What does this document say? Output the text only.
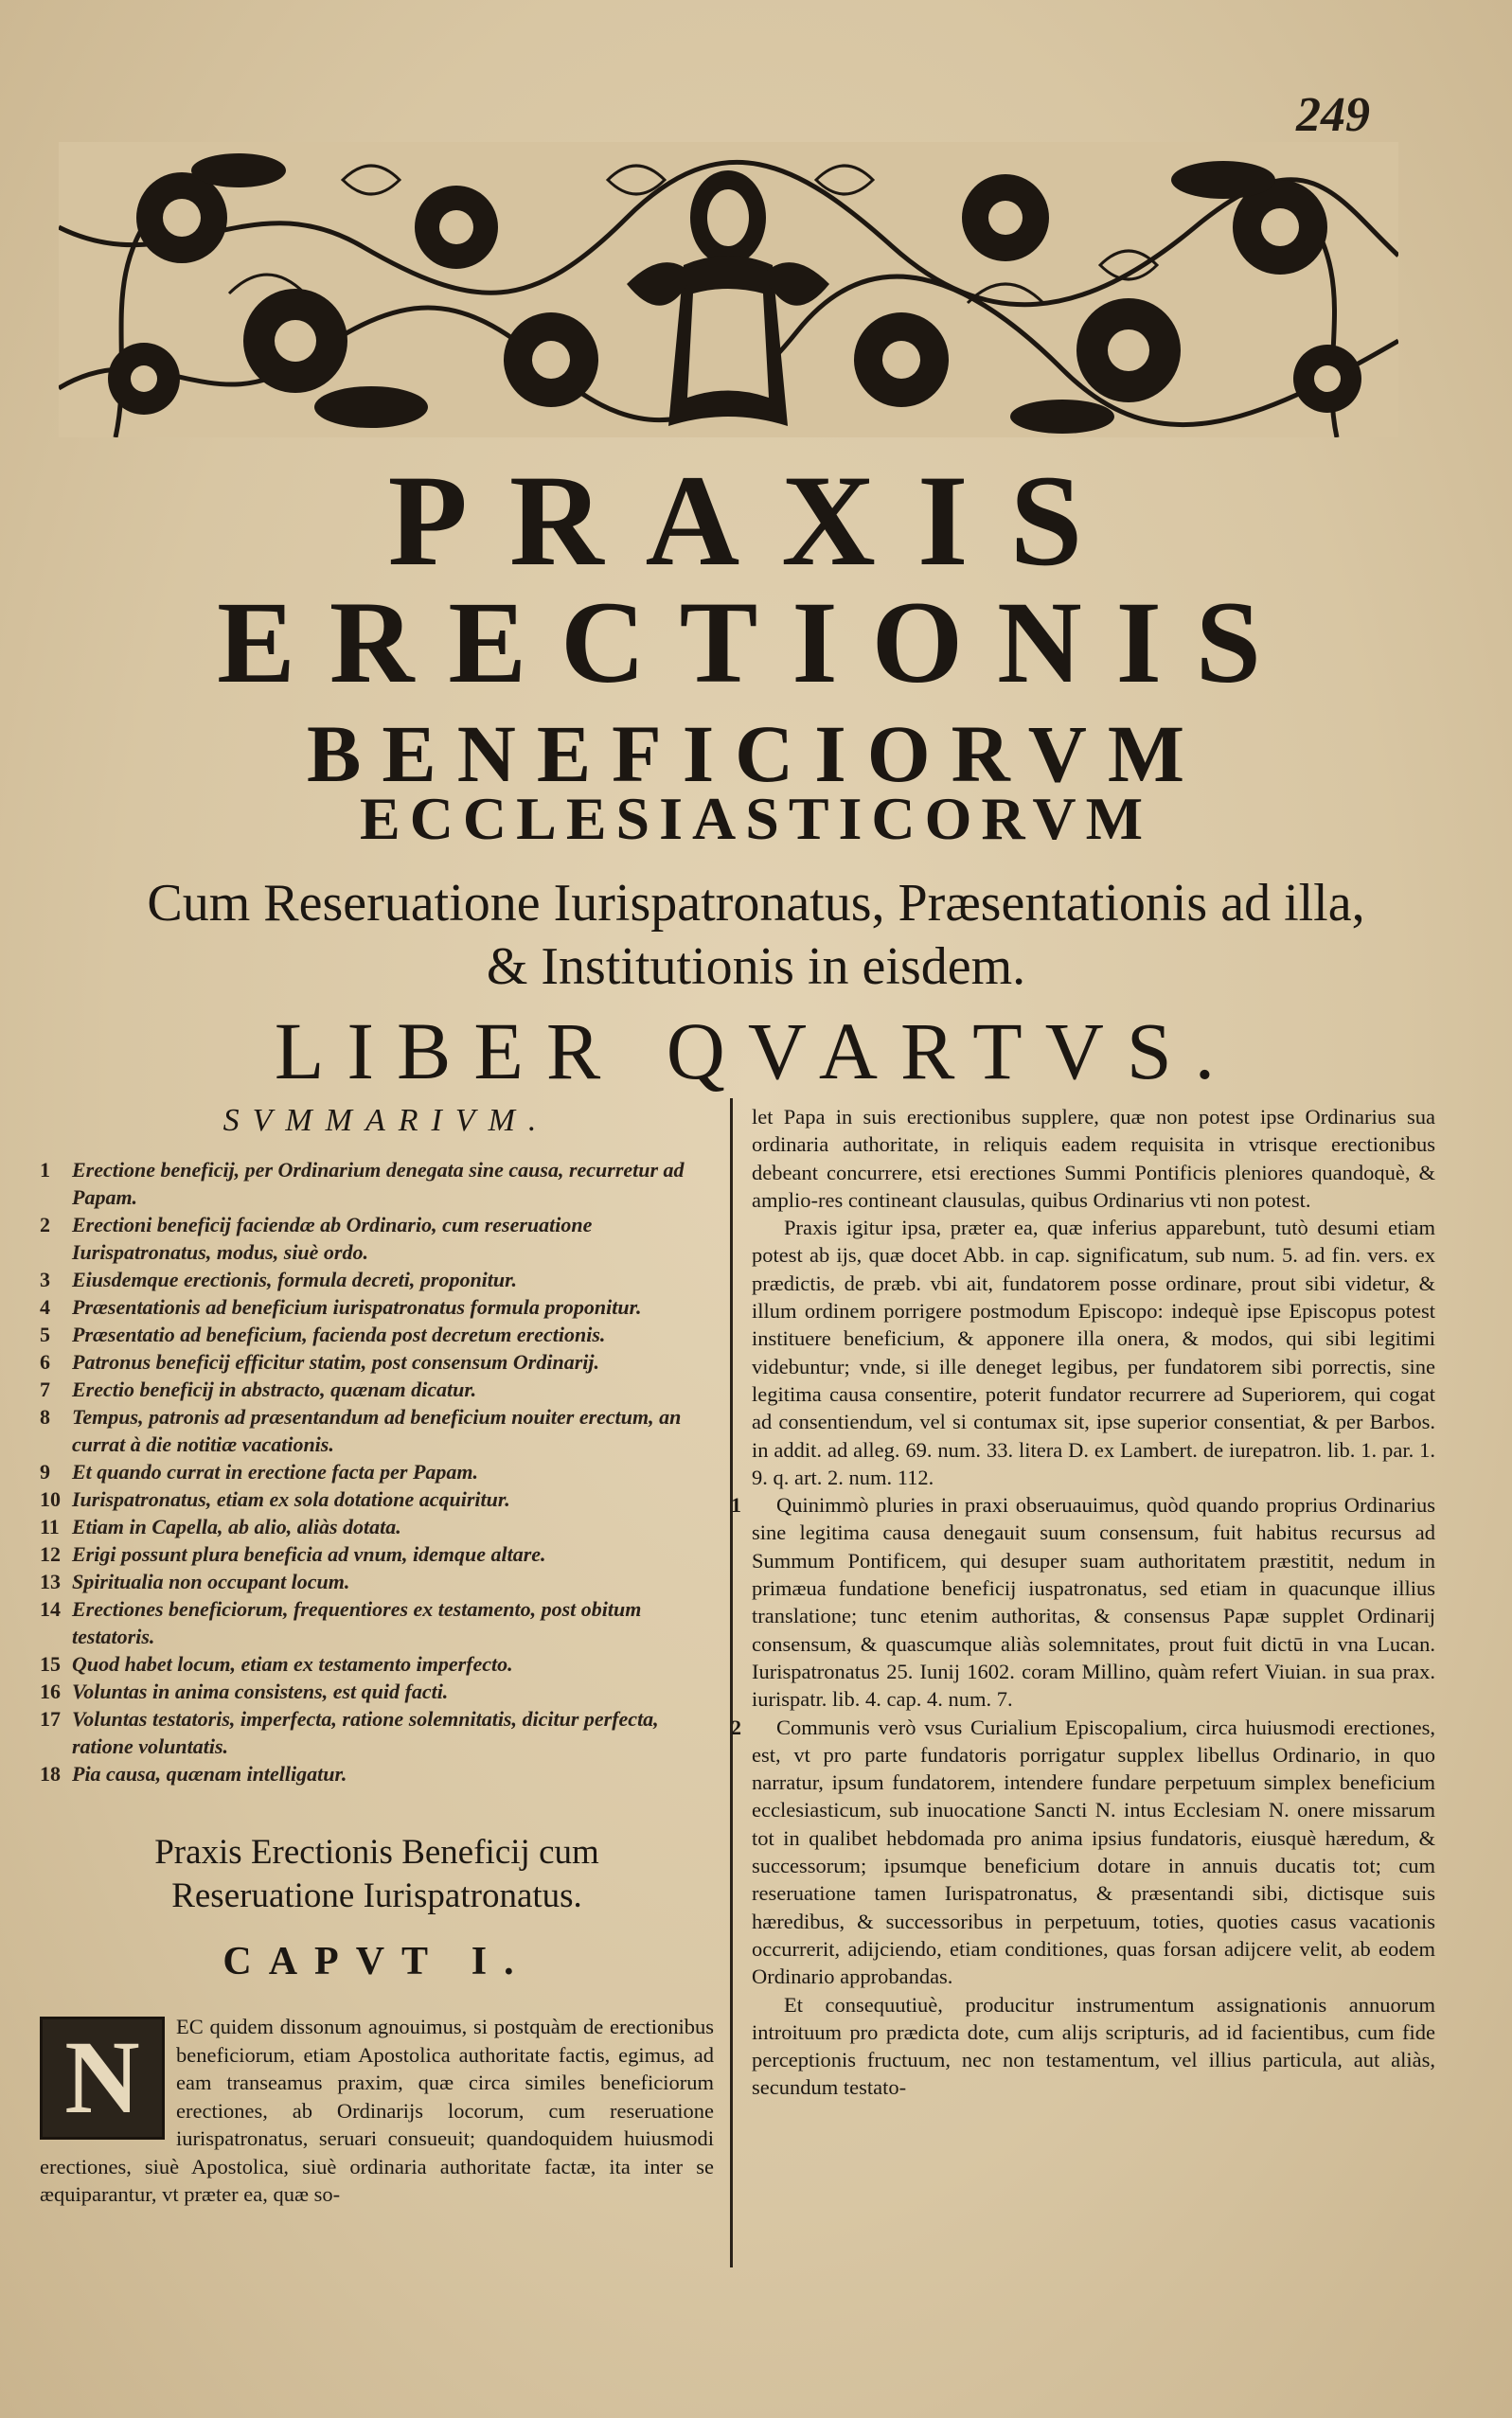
249
PRAXIS
ERECTIONIS
BENEFICIORVM
ECCLESIASTICORVM
Cum Reseruatione Iurispatronatus, Præsentationis ad illa,
& Institutionis in eisdem.
LIBER QVARTVS.
SVMMARIVM.
1	Erectione beneficij, per Ordinarium denegata sine causa, recurretur ad Papam.
2	Erectioni beneficij faciendæ ab Ordinario, cum reseruatione Iurispatronatus, modus, siuè ordo.
3	Eiusdemque erectionis, formula decreti, proponitur.
4	Præsentationis ad beneficium iurispatronatus formula proponitur.
5	Præsentatio ad beneficium, facienda post decretum erectionis.
6	Patronus beneficij efficitur statim, post consensum Ordinarij.
7	Erectio beneficij in abstracto, quænam dicatur.
8	Tempus, patronis ad præsentandum ad beneficium nouiter erectum, an currat à die notitiæ vacationis.
9	Et quando currat in erectione facta per Papam.
10 Iurispatronatus, etiam ex sola dotatione acquiritur.
11 Etiam in Capella, ab alio, aliàs dotata.
12 Erigi possunt plura beneficia ad vnum, idemque altare.
13 Spiritualia non occupant locum.
14 Erectiones beneficiorum, frequentiores ex testamento, post obitum testatoris.
15 Quod habet locum, etiam ex testamento imperfecto.
16 Voluntas in anima consistens, est quid facti.
17 Voluntas testatoris, imperfecta, ratione solemnitatis, dicitur perfecta, ratione voluntatis.
18 Pia causa, quænam intelligatur.
Praxis Erectionis Beneficij cum Reseruatione Iurispatronatus.
CAPVT I.
N	EC quidem dissonum agnouimus, si postquàm de erectionibus beneficiorum, etiam Apostolica authoritate factis, egimus, ad eam transeamus praxim, quæ circa similes beneficiorum erectiones, ab Ordinarijs locorum, cum reseruatione iurispatronatus, seruari consueuit; quandoquidem huiusmodi erectiones, siuè Apostolica, siuè ordinaria authoritate factæ, ita inter se æquiparantur, vt præter ea, quæ so-

let Papa in suis erectionibus supplere, quæ non potest ipse Ordinarius sua ordinaria authoritate, in reliquis eadem requisita in vtrisque erectionibus debeant concurrere, etsi erectiones Summi Pontificis pleniores quandoquè, & amplio-res contineant clausulas, quibus Ordinarius vti non potest.

Praxis igitur ipsa, præter ea, quæ inferius apparebunt, tutò desumi etiam potest ab ijs, quæ docet Abb. in cap. significatum, sub num. 5. ad fin. vers. ex prædictis, de præb. vbi ait, fundatorem posse ordinare, prout sibi videtur, & illum ordinem porrigere postmodum Episcopo: indequè ipse Episcopus potest instituere beneficium, & apponere illa onera, & modos, qui sibi legitimi videbuntur; vnde, si ille deneget legibus, per fundatorem sibi porrectis, sine legitima causa consentire, poterit fundator recurrere ad Superiorem, qui cogat ad consentiendum, vel si contumax sit, ipse superior consentiat, & per Barbos. in addit. ad alleg. 69. num. 33. litera D. ex Lambert. de iurepatron. lib. 1. par. 1. 9. q. art. 2. num. 112.

1 Quinimmò pluries in praxi obseruauimus, quòd quando proprius Ordinarius sine legitima causa denegauit suum consensum, fuit habitus recursus ad Summum Pontificem, qui desuper suam authoritatem præstitit, nedum in primæua fundatione beneficij iuspatronatus, sed etiam in quacunque illius translatione; tunc etenim authoritas, & consensus Papæ supplet Ordinarij consensum, & quascumque aliàs solemnitates, prout fuit dictū in vna Lucan. Iurispatronatus 25. Iunij 1602. coram Millino, quàm refert Viuian. in sua prax. iurispatr. lib. 4. cap. 4. num. 7.

2 Communis verò vsus Curialium Episcopalium, circa huiusmodi erectiones, est, vt pro parte fundatoris porrigatur supplex libellus Ordinario, in quo narratur, ipsum fundatorem, intendere fundare perpetuum simplex beneficium ecclesiasticum, sub inuocatione Sancti N. intus Ecclesiam N. onere missarum tot in qualibet hebdomada pro anima ipsius fundatoris, eiusquè hæredum, & successorum; ipsumque beneficium dotare in annuis ducatis tot; cum reseruatione tamen Iurispatronatus, & præsentandi sibi, dictisque suis hæredibus, & successoribus in perpetuum, toties, quoties casus vacationis occurrerit, adijciendo, etiam conditiones, quas forsan adijcere velit, ab eodem Ordinario approbandas.

Et consequutiuè, producitur instrumentum assignationis annuorum introituum pro prædicta dote, cum alijs scripturis, ad id facientibus, cum fide perceptionis fructuum, nec non testamentum, vel illius particula, aut aliàs, secundum testato-
